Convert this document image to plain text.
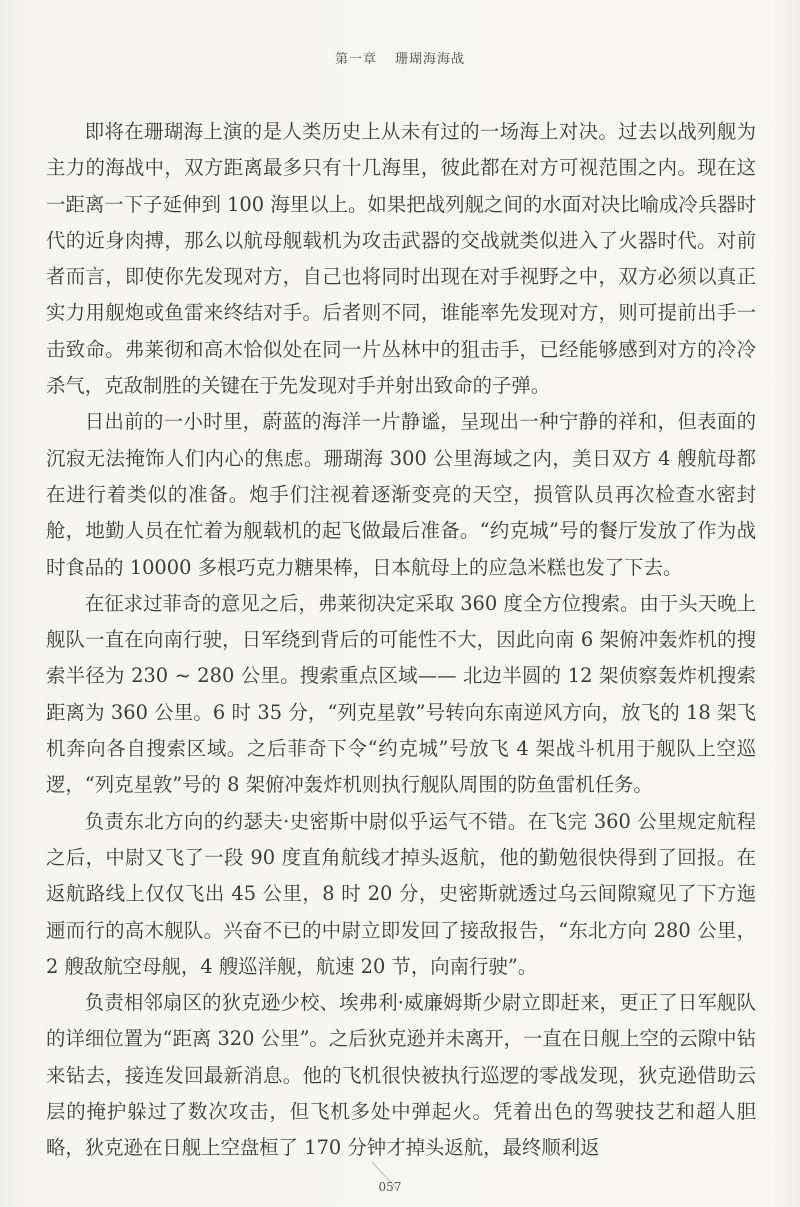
第一章 珊瑚海海战

即将在珊瑚海上演的是人类历史上从未有过的一场海上对决。过去以战列舰为主力的海战中，双方距离最多只有十几海里，彼此都在对方可视范围之内。现在这一距离一下子延伸到 100 海里以上。如果把战列舰之间的水面对决比喻成冷兵器时代的近身肉搏，那么以航母舰载机为攻击武器的交战就类似进入了火器时代。对前者而言，即使你先发现对方，自己也将同时出现在对手视野之中，双方必须以真正实力用舰炮或鱼雷来终结对手。后者则不同，谁能率先发现对方，则可提前出手一击致命。弗莱彻和高木恰似处在同一片丛林中的狙击手，已经能够感到对方的冷冷杀气，克敌制胜的关键在于先发现对手并射出致命的子弹。

日出前的一小时里，蔚蓝的海洋一片静谧，呈现出一种宁静的祥和，但表面的沉寂无法掩饰人们内心的焦虑。珊瑚海 300 公里海域之内，美日双方 4 艘航母都在进行着类似的准备。炮手们注视着逐渐变亮的天空，损管队员再次检查水密封舱，地勤人员在忙着为舰载机的起飞做最后准备。“约克城”号的餐厅发放了作为战时食品的 10000 多根巧克力糖果棒，日本航母上的应急米糕也发了下去。

在征求过菲奇的意见之后，弗莱彻决定采取 360 度全方位搜索。由于头天晚上舰队一直在向南行驶，日军绕到背后的可能性不大，因此向南 6 架俯冲轰炸机的搜索半径为 230 ~ 280 公里。搜索重点区域—— 北边半圆的 12 架侦察轰炸机搜索距离为 360 公里。6 时 35 分，“列克星敦”号转向东南逆风方向，放飞的 18 架飞机奔向各自搜索区域。之后菲奇下令“约克城”号放飞 4 架战斗机用于舰队上空巡逻，“列克星敦”号的 8 架俯冲轰炸机则执行舰队周围的防鱼雷机任务。

负责东北方向的约瑟夫·史密斯中尉似乎运气不错。在飞完 360 公里规定航程之后，中尉又飞了一段 90 度直角航线才掉头返航，他的勤勉很快得到了回报。在返航路线上仅仅飞出 45 公里，8 时 20 分，史密斯就透过乌云间隙窥见了下方迤逦而行的高木舰队。兴奋不已的中尉立即发回了接敌报告，“东北方向 280 公里，2 艘敌航空母舰，4 艘巡洋舰，航速 20 节，向南行驶”。

负责相邻扇区的狄克逊少校、埃弗利·威廉姆斯少尉立即赶来，更正了日军舰队的详细位置为“距离 320 公里”。之后狄克逊并未离开，一直在日舰上空的云隙中钻来钻去，接连发回最新消息。他的飞机很快被执行巡逻的零战发现，狄克逊借助云层的掩护躲过了数次攻击，但飞机多处中弹起火。凭着出色的驾驶技艺和超人胆略，狄克逊在日舰上空盘桓了 170 分钟才掉头返航，最终顺利返

057
